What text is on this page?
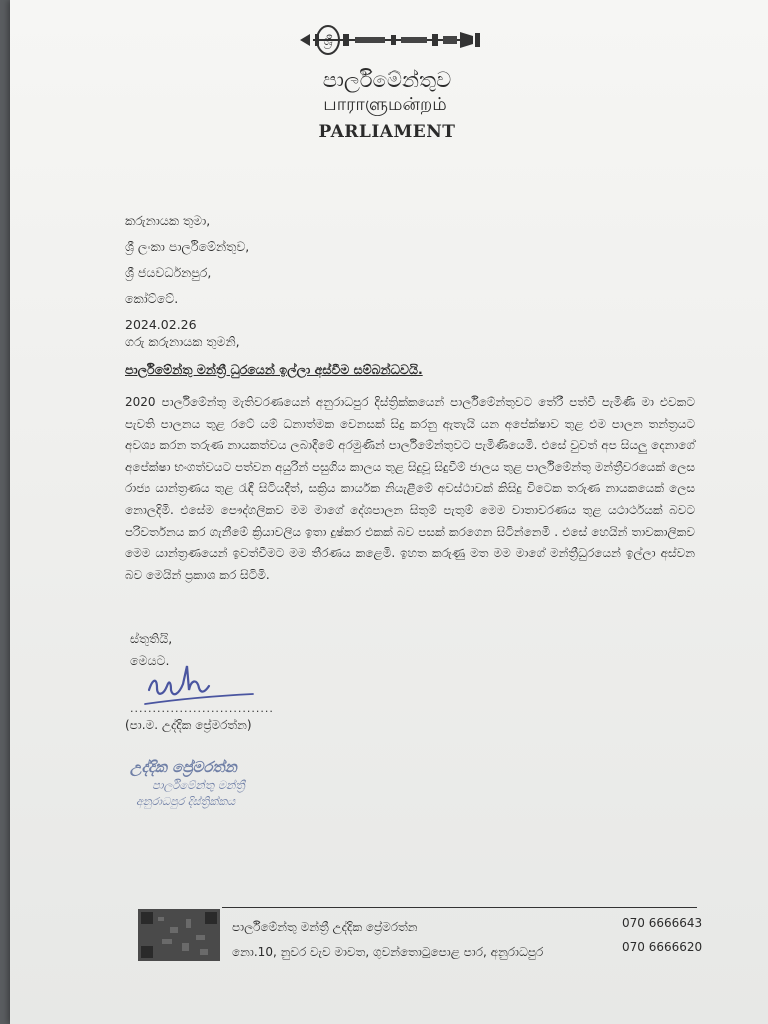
ශ්‍රී
පාර්ලිමේන්තුව
பாராளுமன்றம்
PARLIAMENT
කරුනායක තුමා,
ශ්‍රී ලංකා පාර්ලිමේන්තුව,
ශ්‍රී ජයවර්ධනපුර,
කෝට්ටේ.
2024.02.26
ගරු කරුනායක තුමනි,
පාර්ලිමේන්තු මන්ත්‍රී ධුරයෙන් ඉල්ලා අස්වීම සම්බන්ධවයි.
2020 පාර්ලිමේන්තු මැතිවරණයෙන් අනුරාධපුර දිස්ත්‍රික්කයෙන් පාර්ලිමේන්තුවට තේරී පත්වී පැමිණි මා එවකට පැවති පාලනය තුළ රටේ යම් ධනාත්මක වෙනසක් සිදු කරනු ඇතැයි යන අපේක්ෂාව තුළ එම පාලන තන්ත්‍රයට අවශ්‍ය කරන තරුණ නායකත්වය ලබාදීමේ අරමුණින් පාර්ලිමේන්තුවට පැමිණියෙමි. එසේ වුවත් අප සියලු දෙනාගේ අපේක්ෂා භංගත්වයට පත්වන අයුරින් පසුගිය කාලය තුළ සිදුවූ සිදුවීම් ජාලය තුළ පාර්ලිමේන්තු මන්ත්‍රීවරයෙක් ලෙස රාජ්‍ය යාන්ත්‍රණය තුළ රැඳී සිටියදීත්, සක්‍රිය කාර්යක නියැළීමේ අවස්ථාවක් කිසිදු විටෙක තරුණ නායකයෙක් ලෙස නොලදිමි. එසේම පෞද්ගලිකව මම මාගේ දේශපාලන සිතුම් පැතුම් මෙම වාතාවරණය තුළ යථාර්ථයක් බවට පරිවර්තනය කර ගැනීමේ ක්‍රියාවලිය ඉතා දුෂ්කර එකක් බව පසක් කරගෙන සිටින්නෙමි . එසේ හෙයින් තාවකාලිකව මෙම යාන්ත්‍රණයෙන් ඉවත්වීමට මම තීරණය කළෙමි. ඉහත කරුණු මත මම මාගේ මන්ත්‍රීධුරයෙන් ඉල්ලා අස්වන බව මෙයින් ප්‍රකාශ කර සිටිමි.
ස්තුතියි,
මෙයට.
................................
(පා.ම. උද්දික ප්‍රේමරත්න)
උද්දික ප්‍රේමරත්න
පාර්ලිමේන්තු මන්ත්‍රී
අනුරාධපුර දිස්ත්‍රික්කය
පාර්ලිමේන්තු මන්ත්‍රී උද්දික ප්‍රේමරත්න
නො.10, නුවර වැව මාවත, ගුවන්තොටුපොළ පාර, අනුරාධපුර
070 6666643
070 6666620
